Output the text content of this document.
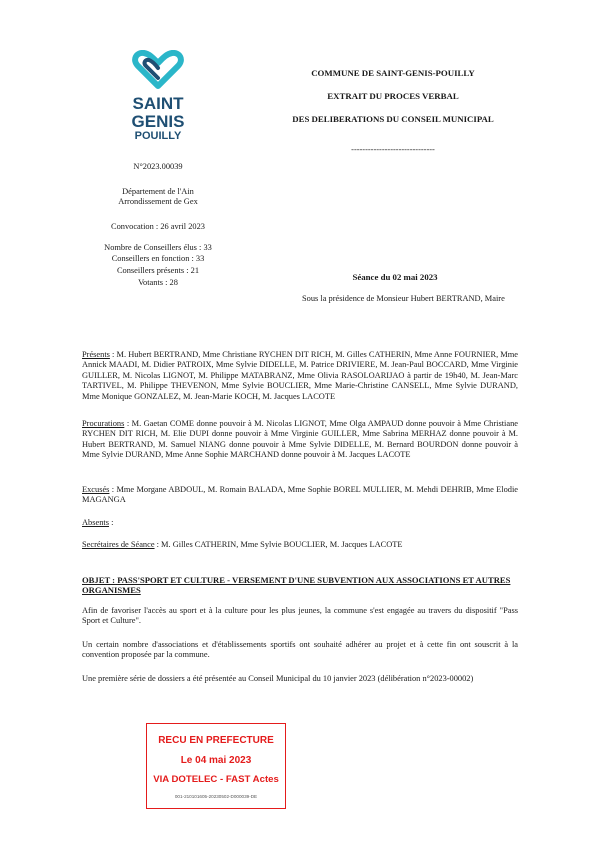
SAINT
GENIS
POUILLY
N°2023.00039
Département de l'Ain
Arrondissement de Gex
Convocation : 26 avril 2023
Nombre de Conseillers élus : 33
Conseillers en fonction : 33
Conseillers présents : 21
Votants : 28
COMMUNE DE SAINT-GENIS-POUILLY
EXTRAIT DU PROCES VERBAL
DES DELIBERATIONS DU CONSEIL MUNICIPAL
------------------------------
Séance du 02 mai 2023
Sous la présidence de Monsieur Hubert BERTRAND, Maire
Présents : M. Hubert BERTRAND, Mme Christiane RYCHEN DIT RICH, M. Gilles CATHERIN, Mme Anne FOURNIER, Mme Annick MAADI, M. Didier PATROIX, Mme Sylvie DIDELLE, M. Patrice DRIVIERE, M. Jean-Paul BOCCARD, Mme Virginie GUILLER, M. Nicolas LIGNOT, M. Philippe MATABRANZ, Mme Olivia RASOLOARIJAO à partir de 19h40, M. Jean-Marc TARTIVEL, M. Philippe THEVENON, Mme Sylvie BOUCLIER, Mme Marie-Christine CANSELL, Mme Sylvie DURAND, Mme Monique GONZALEZ, M. Jean-Marie KOCH, M. Jacques LACOTE
Procurations : M. Gaetan COME donne pouvoir à M. Nicolas LIGNOT, Mme Olga AMPAUD donne pouvoir à Mme Christiane RYCHEN DIT RICH, M. Elie DUPI donne pouvoir à Mme Virginie GUILLER, Mme Sabrina MERHAZ donne pouvoir à M. Hubert BERTRAND, M. Samuel NIANG donne pouvoir à Mme Sylvie DIDELLE, M. Bernard BOURDON donne pouvoir à Mme Sylvie DURAND, Mme Anne Sophie MARCHAND donne pouvoir à M. Jacques LACOTE
Excusés : Mme Morgane ABDOUL, M. Romain BALADA, Mme Sophie BOREL MULLIER, M. Mehdi DEHRIB, Mme Elodie MAGANGA
Absents :
Secrétaires de Séance : M. Gilles CATHERIN, Mme Sylvie BOUCLIER, M. Jacques LACOTE
OBJET : PASS'SPORT ET CULTURE - VERSEMENT D'UNE SUBVENTION AUX ASSOCIATIONS ET AUTRES ORGANISMES
Afin de favoriser l'accès au sport et à la culture pour les plus jeunes, la commune s'est engagée au travers du dispositif "Pass Sport et Culture".
Un certain nombre d'associations et d'établissements sportifs ont souhaité adhérer au projet et à cette fin ont souscrit à la convention proposée par la commune.
Une première série de dossiers a été présentée au Conseil Municipal du 10 janvier 2023 (délibération n°2023-00002)
RECU EN PREFECTURE
Le 04 mai 2023
VIA DOTELEC - FAST Actes
001-210101605-20230502-D000039-DE
